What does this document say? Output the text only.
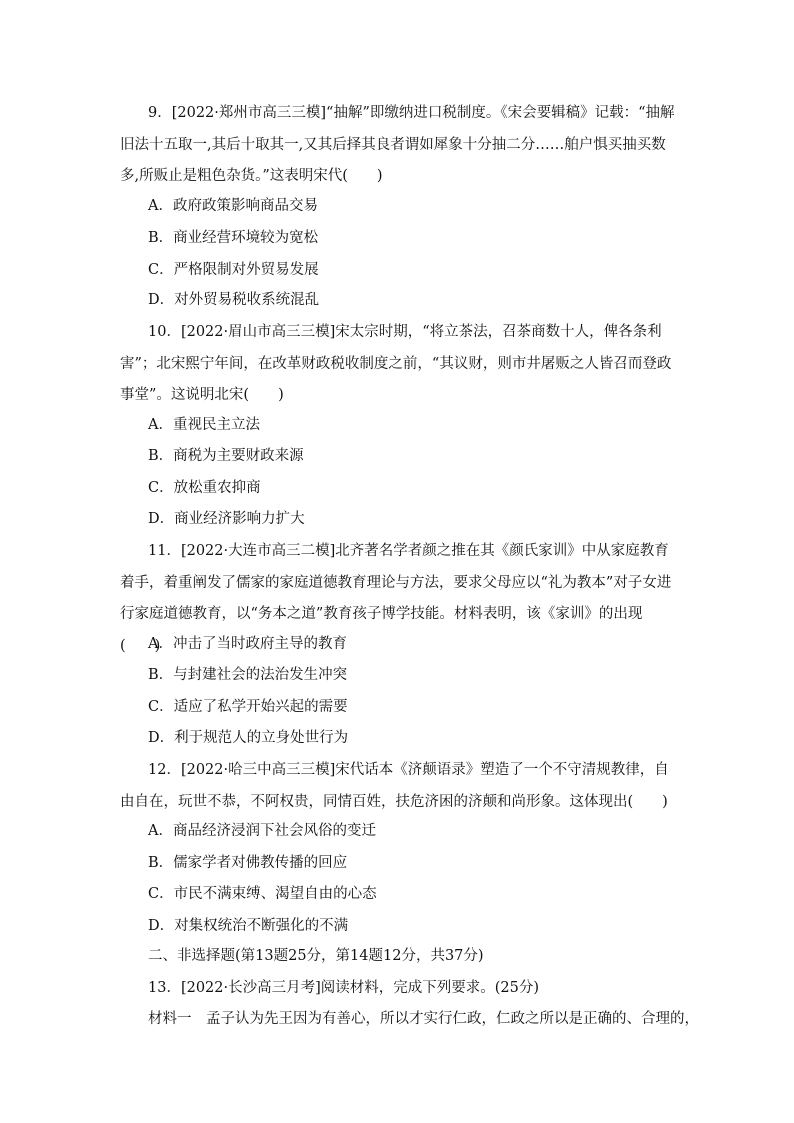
9．[2022·郑州市高三三模]“抽解”即缴纳进口税制度。《宋会要辑稿》记载：“抽解旧法十五取一,其后十取其一,又其后择其良者谓如犀象十分抽二分……舶户惧买抽买数多,所贩止是粗色杂货。”这表明宋代(　　)
A．政府政策影响商品交易
B．商业经营环境较为宽松
C．严格限制对外贸易发展
D．对外贸易税收系统混乱
10．[2022·眉山市高三三模]宋太宗时期，“将立茶法，召茶商数十人，俾各条利害”；北宋熙宁年间，在改革财政税收制度之前，“其议财，则市井屠贩之人皆召而登政事堂”。这说明北宋(　　)
A．重视民主立法
B．商税为主要财政来源
C．放松重农抑商
D．商业经济影响力扩大
11．[2022·大连市高三二模]北齐著名学者颜之推在其《颜氏家训》中从家庭教育着手，着重阐发了儒家的家庭道德教育理论与方法，要求父母应以“礼为教本”对子女进行家庭道德教育，以“务本之道”教育孩子博学技能。材料表明，该《家训》的出现(　　)
A．冲击了当时政府主导的教育
B．与封建社会的法治发生冲突
C．适应了私学开始兴起的需要
D．利于规范人的立身处世行为
12．[2022·哈三中高三三模]宋代话本《济颠语录》塑造了一个不守清规教律，自由自在，玩世不恭，不阿权贵，同情百姓，扶危济困的济颠和尚形象。这体现出(　　)
A．商品经济浸润下社会风俗的变迁
B．儒家学者对佛教传播的回应
C．市民不满束缚、渴望自由的心态
D．对集权统治不断强化的不满
二、非选择题(第13题25分，第14题12分，共37分)
13．[2022·长沙高三月考]阅读材料，完成下列要求。(25分)
材料一　孟子认为先王因为有善心，所以才实行仁政，仁政之所以是正确的、合理的，
